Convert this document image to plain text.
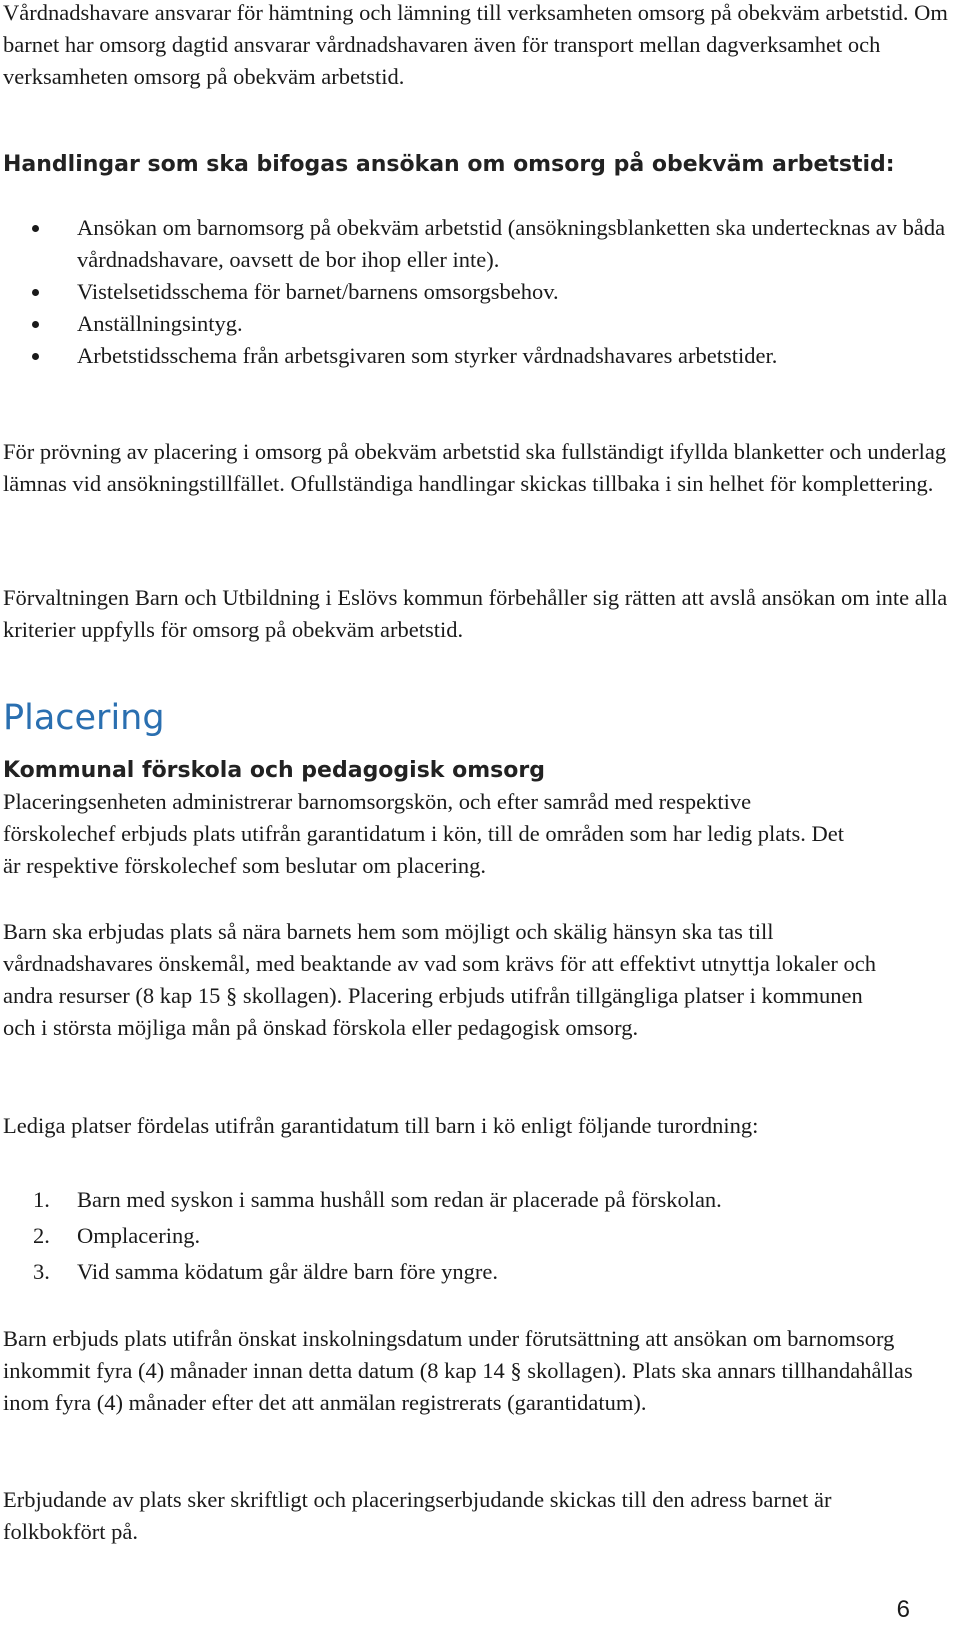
Vårdnadshavare ansvarar för hämtning och lämning till verksamheten omsorg på obekväm arbetstid. Om barnet har omsorg dagtid ansvarar vårdnadshavaren även för transport mellan dagverksamhet och verksamheten omsorg på obekväm arbetstid.

Handlingar som ska bifogas ansökan om omsorg på obekväm arbetstid:
Ansökan om barnomsorg på obekväm arbetstid (ansökningsblanketten ska undertecknas av båda vårdnadshavare, oavsett de bor ihop eller inte).
Vistelsetidsschema för barnet/barnens omsorgsbehov.
Anställningsintyg.
Arbetstidsschema från arbetsgivaren som styrker vårdnadshavares arbetstider.

För prövning av placering i omsorg på obekväm arbetstid ska fullständigt ifyllda blanketter och underlag lämnas vid ansökningstillfället. Ofullständiga handlingar skickas tillbaka i sin helhet för komplettering.

Förvaltningen Barn och Utbildning i Eslövs kommun förbehåller sig rätten att avslå ansökan om inte alla kriterier uppfylls för omsorg på obekväm arbetstid.

Placering
Kommunal förskola och pedagogisk omsorg

Placeringsenheten administrerar barnomsorgskön, och efter samråd med respektive förskolechef erbjuds plats utifrån garantidatum i kön, till de områden som har ledig plats. Det är respektive förskolechef som beslutar om placering.

Barn ska erbjudas plats så nära barnets hem som möjligt och skälig hänsyn ska tas till vårdnadshavares önskemål, med beaktande av vad som krävs för att effektivt utnyttja lokaler och andra resurser (8 kap 15 § skollagen). Placering erbjuds utifrån tillgängliga platser i kommunen och i största möjliga mån på önskad förskola eller pedagogisk omsorg.

Lediga platser fördelas utifrån garantidatum till barn i kö enligt följande turordning:

1. Barn med syskon i samma hushåll som redan är placerade på förskolan.
2. Omplacering.
3. Vid samma ködatum går äldre barn före yngre.

Barn erbjuds plats utifrån önskat inskolningsdatum under förutsättning att ansökan om barnomsorg inkommit fyra (4) månader innan detta datum (8 kap 14 § skollagen). Plats ska annars tillhandahållas inom fyra (4) månader efter det att anmälan registrerats (garantidatum).

Erbjudande av plats sker skriftligt och placeringserbjudande skickas till den adress barnet är folkbokfört på.

6
